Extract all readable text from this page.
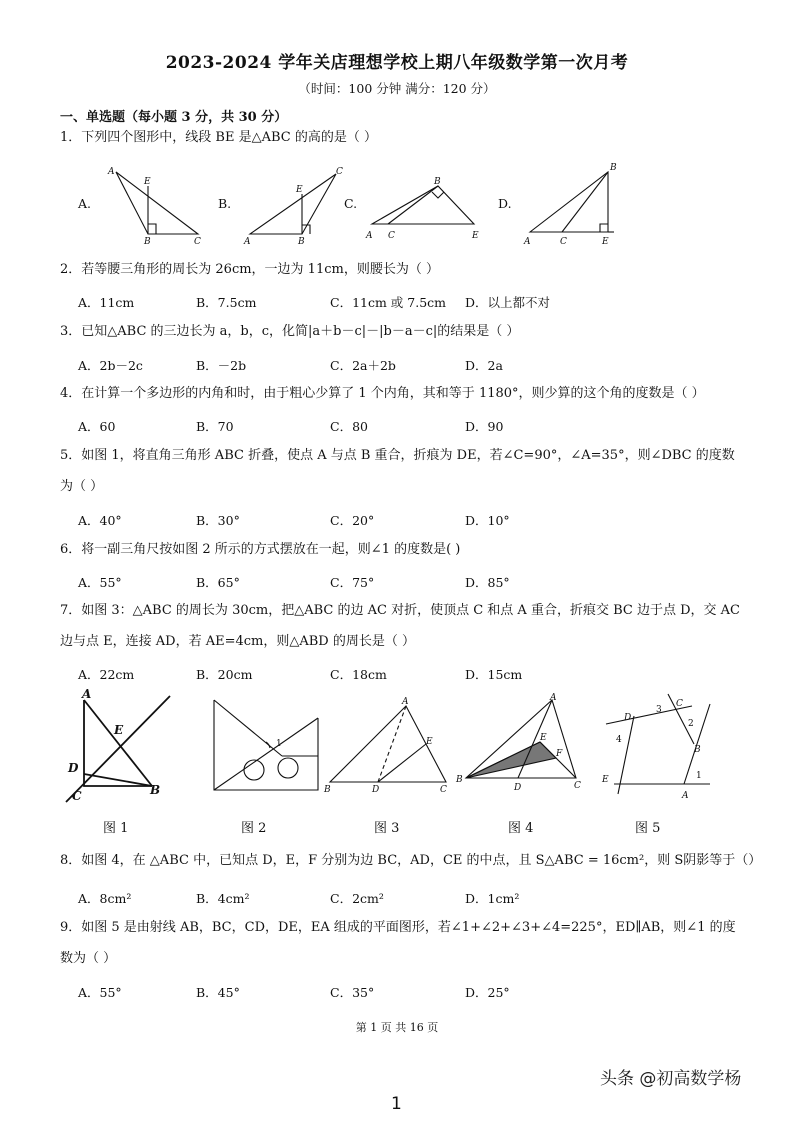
2023-2024 学年关店理想学校上期八年级数学第一次月考
（时间：100 分钟 满分：120 分）
一、单选题（每小题 3 分，共 30 分）
1．下列四个图形中，线段 BE 是△ABC 的高的是（ ）
A.	B.	C.	D.
A
E
B	C	A
E
B
C
A C
B
E
A	C
B
E
2．若等腰三角形的周长为 26cm，一边为 11cm，则腰长为（ ）
A．11cm	B．7.5cm	C．11cm 或 7.5cm D．以上都不对
3．已知△ABC 的三边长为 a，b，c，化简|a＋b－c|－|b－a－c|的结果是（ ）
A．2b－2c	B．－2b	C．2a＋2b	D．2a
4．在计算一个多边形的内角和时，由于粗心少算了 1 个内角，其和等于 1180°，则少算的这个角的度数是（ ）
A．60	B．70	C．80	D．90
5．如图 1，将直角三角形 ABC 折叠，使点 A 与点 B 重合，折痕为 DE，若∠C=90°，∠A=35°，则∠DBC 的度数
为（ ）
A．40°	B．30°	C．20°	D．10°
6．将一副三角尺按如图 2 所示的方式摆放在一起，则∠1 的度数是( )
A．55°	B．65°	C．75°	D．85°
7．如图 3：△ABC 的周长为 30cm，把△ABC 的边 AC 对折，使顶点 C 和点 A 重合，折痕交 BC 边于点 D，交 AC
边与点 E，连接 AD，若 AE=4cm，则△ABD 的周长是（ ）
A．22cm	B．20cm	C．18cm	D．15cm
A
E
D
C	B
1
A
E
B	D	C
A
E
F
B
D	C
D
C
B
A
E
3
2
4
1
图 1	图 2	图 3	图 4	图 5
8．如图 4，在 △ABC 中，已知点 D，E，F 分别为边 BC，AD，CE 的中点，且 S△ABC = 16cm²，则 S阴影等于（）
A．8cm²	B．4cm²	C．2cm²	D．1cm²
9．如图 5 是由射线 AB，BC，CD，DE，EA 组成的平面图形，若∠1+∠2+∠3+∠4=225°，ED∥AB，则∠1 的度
数为（ ）
A．55°	B．45°	C．35°	D．25°
第 1 页 共 16 页
头条 @初高数学杨
1
